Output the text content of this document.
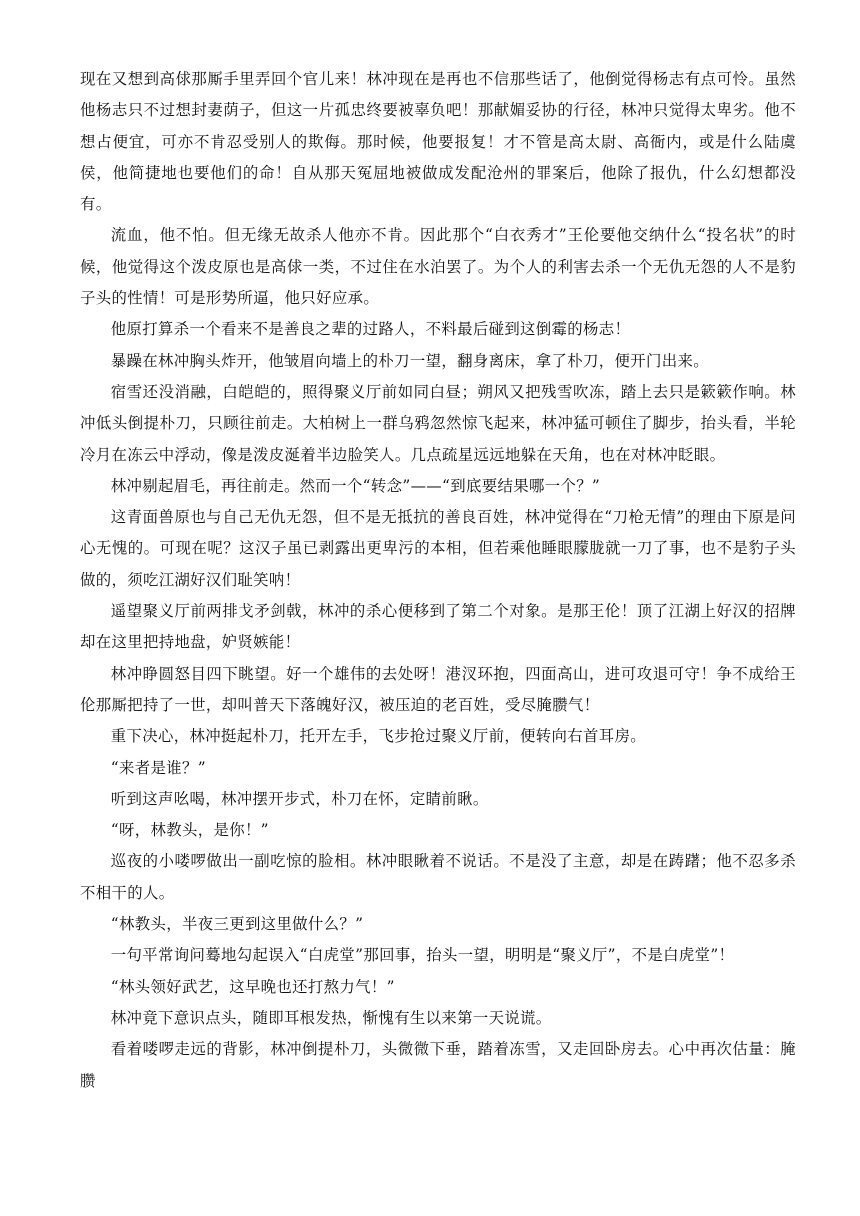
现在又想到高俅那厮手里弄回个官儿来！林冲现在是再也不信那些话了，他倒觉得杨志有点可怜。虽然他杨志只不过想封妻荫子，但这一片孤忠终要被辜负吧！那献媚妥协的行径，林冲只觉得太卑劣。他不想占便宜，可亦不肯忍受别人的欺侮。那时候，他要报复！才不管是高太尉、高衙内，或是什么陆虞侯，他简捷地也要他们的命！自从那天冤屈地被做成发配沧州的罪案后，他除了报仇，什么幻想都没有。

流血，他不怕。但无缘无故杀人他亦不肯。因此那个“白衣秀才”王伦要他交纳什么“投名状”的时候，他觉得这个泼皮原也是高俅一类，不过住在水泊罢了。为个人的利害去杀一个无仇无怨的人不是豹子头的性情！可是形势所逼，他只好应承。

他原打算杀一个看来不是善良之辈的过路人，不料最后碰到这倒霉的杨志！

暴躁在林冲胸头炸开，他皱眉向墙上的朴刀一望，翻身离床，拿了朴刀，便开门出来。

宿雪还没消融，白皑皑的，照得聚义厅前如同白昼；朔风又把残雪吹冻，踏上去只是簌簌作响。林冲低头倒提朴刀，只顾往前走。大柏树上一群乌鸦忽然惊飞起来，林冲猛可顿住了脚步，抬头看，半轮冷月在冻云中浮动，像是泼皮涎着半边脸笑人。几点疏星远远地躲在天角，也在对林冲眨眼。

林冲剔起眉毛，再往前走。然而一个“转念”——“到底要结果哪一个？”

这青面兽原也与自己无仇无怨，但不是无抵抗的善良百姓，林冲觉得在“刀枪无情”的理由下原是问心无愧的。可现在呢？这汉子虽已剥露出更卑污的本相，但若乘他睡眼朦胧就一刀了事，也不是豹子头做的，须吃江湖好汉们耻笑呐！

遥望聚义厅前两排戈矛剑戟，林冲的杀心便移到了第二个对象。是那王伦！顶了江湖上好汉的招牌却在这里把持地盘，妒贤嫉能！

林冲睁圆怒目四下眺望。好一个雄伟的去处呀！港汊环抱，四面高山，进可攻退可守！争不成给王伦那厮把持了一世，却叫普天下落魄好汉，被压迫的老百姓，受尽腌臜气！

重下决心，林冲挺起朴刀，托开左手，飞步抢过聚义厅前，便转向右首耳房。

“来者是谁？”

听到这声吆喝，林冲摆开步式，朴刀在怀，定睛前瞅。

“呀，林教头，是你！”

巡夜的小喽啰做出一副吃惊的脸相。林冲眼瞅着不说话。不是没了主意，却是在踌躇；他不忍多杀不相干的人。

“林教头，半夜三更到这里做什么？”

一句平常询问蓦地勾起误入“白虎堂”那回事，抬头一望，明明是“聚义厅”，不是白虎堂”！

“林头领好武艺，这早晚也还打熬力气！”

林冲竟下意识点头，随即耳根发热，惭愧有生以来第一天说谎。

看着喽啰走远的背影，林冲倒提朴刀，头微微下垂，踏着冻雪，又走回卧房去。心中再次估量：腌臜
